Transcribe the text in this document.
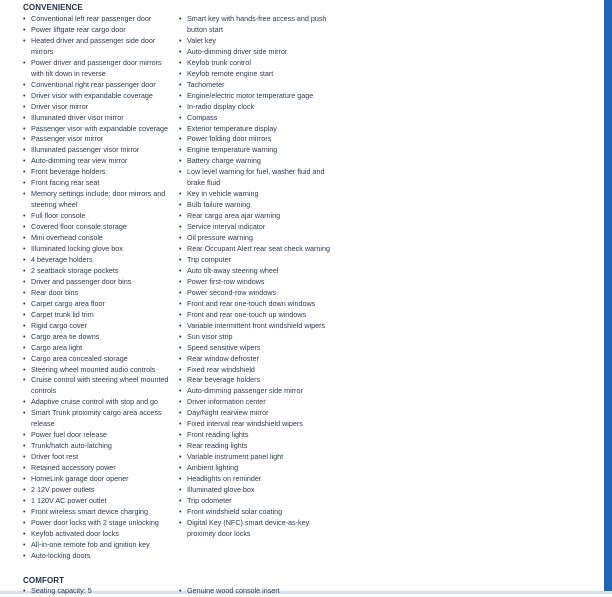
CONVENIENCE
• Conventional left rear passenger door
• Power liftgate rear cargo door
• Heated driver and passenger side door mirrors
• Power driver and passenger door mirrors with tilt down in reverse
• Conventional right rear passenger door
• Driver visor with expandable coverage
• Driver visor mirror
• Illuminated driver visor mirror
• Passenger visor with expandable coverage
• Passenger visor mirror
• Illuminated passenger visor mirror
• Auto-dimming rear view mirror
• Front beverage holders
• Front facing rear seat
• Memory settings include: door mirrors and steering wheel
• Full floor console
• Covered floor console storage
• Mini overhead console
• Illuminated locking glove box
• 4 beverage holders
• 2 seatback storage pockets
• Driver and passenger door bins
• Rear door bins
• Carpet cargo area floor
• Carpet trunk lid trim
• Rigid cargo cover
• Cargo area tie downs
• Cargo area light
• Cargo area concealed storage
• Steering wheel mounted audio controls
• Cruise control with steering wheel mounted controls
• Adaptive cruise control with stop and go
• Smart Trunk proximity cargo area access release
• Power fuel door release
• Trunk/hatch auto-latching
• Driver foot rest
• Retained accessory power
• HomeLink garage door opener
• 2 12V power outlets
• 1 120V AC power outlet
• Front wireless smart device charging
• Power door locks with 2 stage unlocking
• Keyfob activated door locks
• All-in-one remote fob and ignition key
• Auto-locking doors
• Smart key with hands-free access and push button start
• Valet key
• Auto-dimming driver side mirror
• Keyfob trunk control
• Keyfob remote engine start
• Tachometer
• Engine/electric motor temperature gage
• In-radio display clock
• Compass
• Exterior temperature display
• Power folding door mirrors
• Engine temperature warning
• Battery charge warning
• Low level warning for fuel, washer fluid and brake fluid
• Key in vehicle warning
• Bulb failure warning
• Rear cargo area ajar warning
• Service interval indicator
• Oil pressure warning
• Rear Occupant Alert rear seat check warning
• Trip computer
• Auto tilt-away steering wheel
• Power first-row windows
• Power second-row windows
• Front and rear one-touch down windows
• Front and rear one-touch up windows
• Variable intermittent front windshield wipers
• Sun visor strip
• Speed sensitive wipers
• Rear window defroster
• Fixed rear windshield
• Rear beverage holders
• Auto-dimming passenger side mirror
• Driver information center
• Day/Night rearview mirror
• Fixed interval rear windshield wipers
• Front reading lights
• Rear reading lights
• Variable instrument panel light
• Ambient lighting
• Headlights on reminder
• Illuminated glove box
• Trip odometer
• Front windshield solar coating
• Digital Key (NFC) smart device-as-key proximity door locks
COMFORT
• Seating capacity: 5
•	Genuine wood console insert
